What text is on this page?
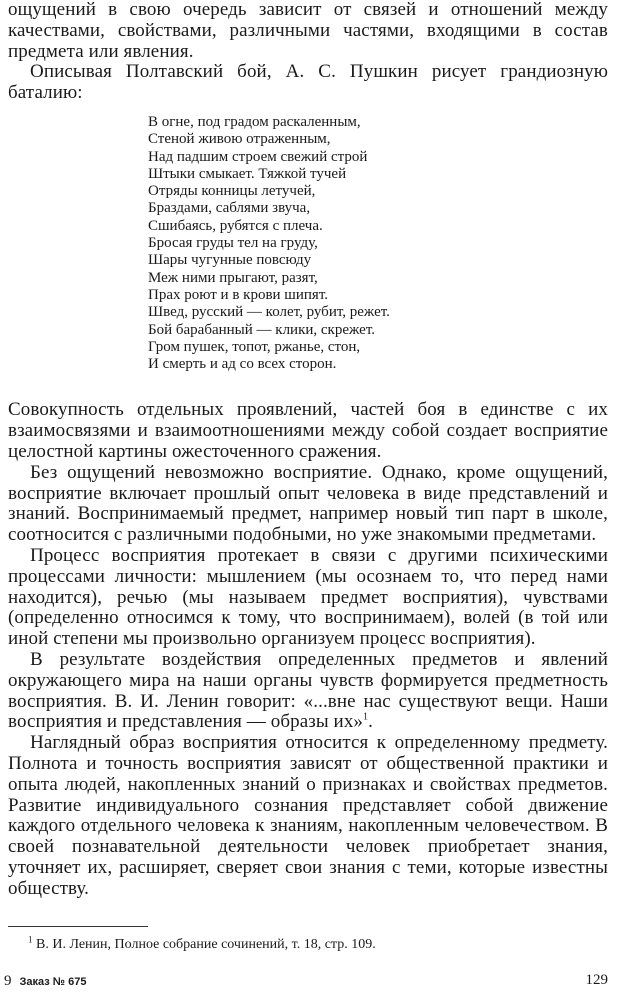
ощущений в свою очередь зависит от связей и отношений между качествами, свойствами, различными частями, входящими в состав предмета или явления.

Описывая Полтавский бой, А. С. Пушкин рисует грандиозную баталию:

В огне, под градом раскаленным,
Стеной живою отраженным,
Над падшим строем свежий строй
Штыки смыкает. Тяжкой тучей
Отряды конницы летучей,
Браздами, саблями звуча,
Сшибаясь, рубятся с плеча.
Бросая груды тел на груду,
Шары чугунные повсюду
Меж ними прыгают, разят,
Прах роют и в крови шипят.
Швед, русский — колет, рубит, режет.
Бой барабанный — клики, скрежет.
Гром пушек, топот, ржанье, стон,
И смерть и ад со всех сторон.

Совокупность отдельных проявлений, частей боя в единстве с их взаимосвязями и взаимоотношениями между собой создает восприятие целостной картины ожесточенного сражения.

Без ощущений невозможно восприятие. Однако, кроме ощущений, восприятие включает прошлый опыт человека в виде представлений и знаний. Воспринимаемый предмет, например новый тип парт в школе, соотносится с различными подобными, но уже знакомыми предметами.

Процесс восприятия протекает в связи с другими психическими процессами личности: мышлением (мы осознаем то, что перед нами находится), речью (мы называем предмет восприятия), чувствами (определенно относимся к тому, что воспринимаем), волей (в той или иной степени мы произвольно организуем процесс восприятия).

В результате воздействия определенных предметов и явлений окружающего мира на наши органы чувств формируется предметность восприятия. В. И. Ленин говорит: «...вне нас существуют вещи. Наши восприятия и представления — образы их»$^1$.

Наглядный образ восприятия относится к определенному предмету. Полнота и точность восприятия зависят от общественной практики и опыта людей, накопленных знаний о признаках и свойствах предметов. Развитие индивидуального сознания представляет собой движение каждого отдельного человека к знаниям, накопленным человечеством. В своей познавательной деятельности человек приобретает знания, уточняет их, расширяет, сверяет свои знания с теми, которые известны обществу.

$^1$ В. И. Ленин, Полное собрание сочинений, т. 18, стр. 109.
9 Заказ № 675	129
